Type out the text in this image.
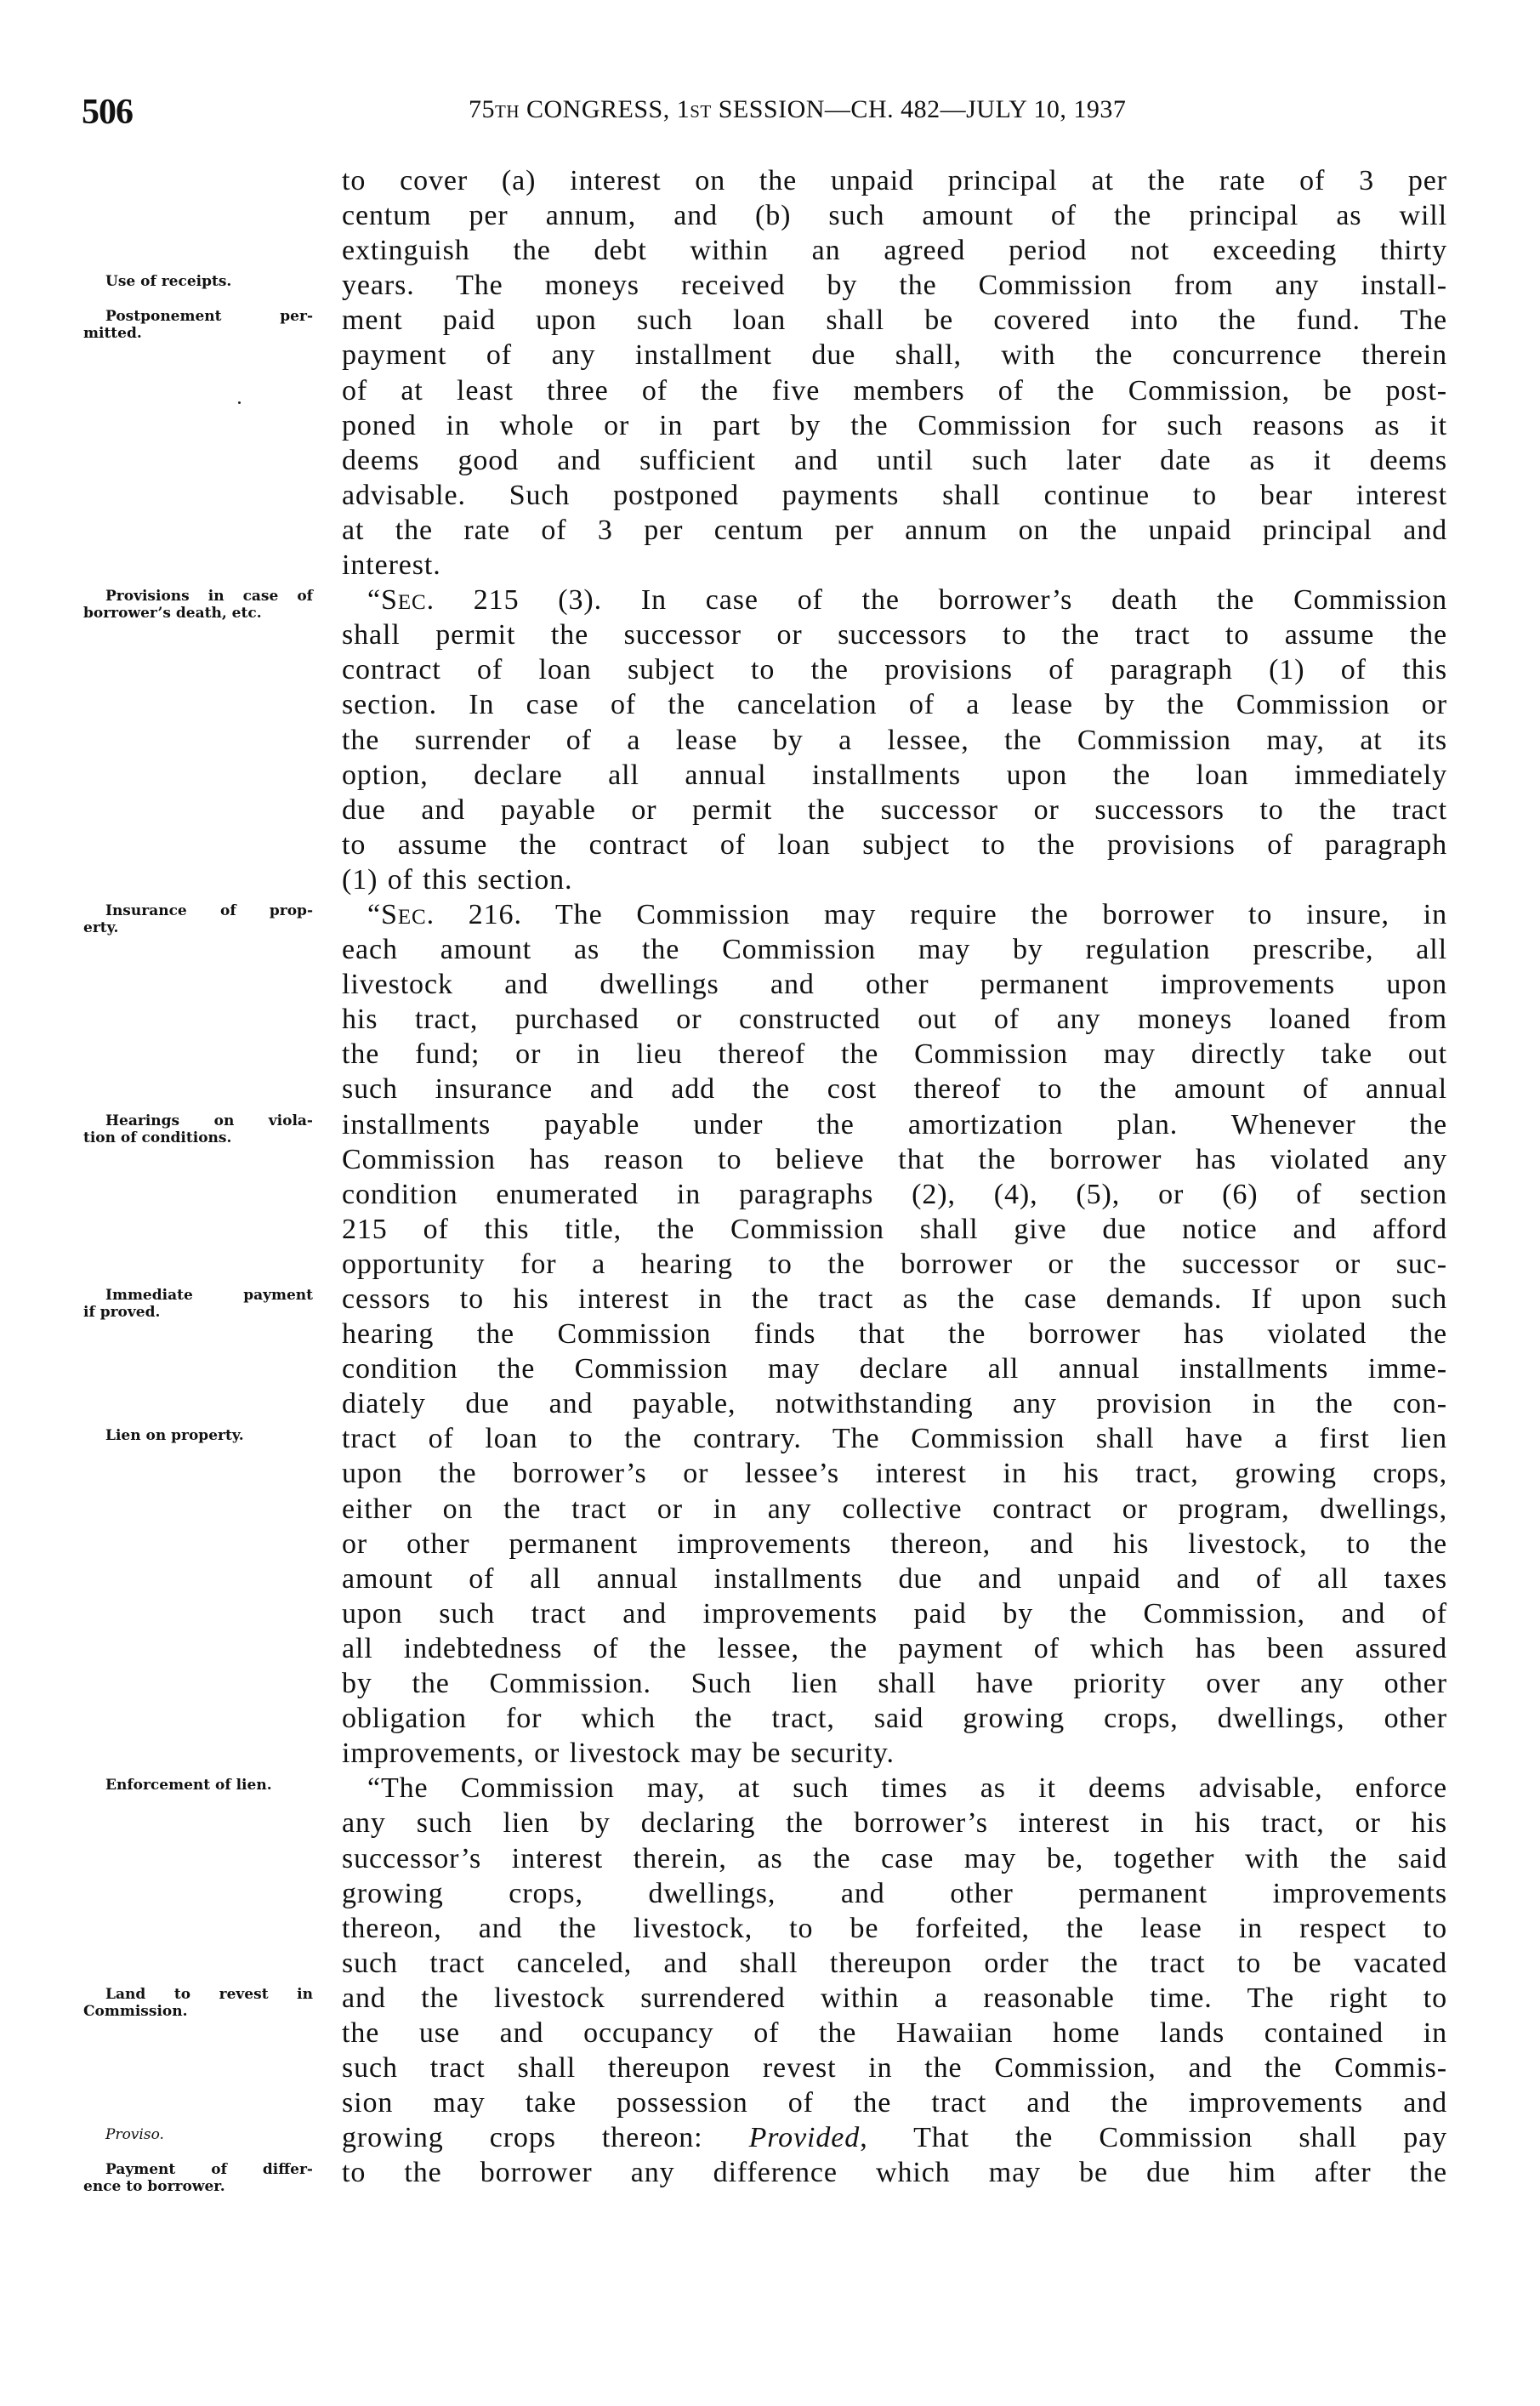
506	75TH CONGRESS, 1ST SESSION—CH. 482—JULY 10, 1937
to cover (a) interest on the unpaid principal at the rate of 3 per
centum per annum, and (b) such amount of the principal as will
extinguish the debt within an agreed period not exceeding thirty
years. The moneys received by the Commission from any install-
ment paid upon such loan shall be covered into the fund. The
payment of any installment due shall, with the concurrence therein
of at least three of the five members of the Commission, be post-
poned in whole or in part by the Commission for such reasons as it
deems good and sufficient and until such later date as it deems
advisable. Such postponed payments shall continue to bear interest
at the rate of 3 per centum per annum on the unpaid principal and
interest.
“SEC. 215 (3). In case of the borrower’s death the Commission
shall permit the successor or successors to the tract to assume the
contract of loan subject to the provisions of paragraph (1) of this
section. In case of the cancelation of a lease by the Commission or
the surrender of a lease by a lessee, the Commission may, at its
option, declare all annual installments upon the loan immediately
due and payable or permit the successor or successors to the tract
to assume the contract of loan subject to the provisions of paragraph
(1) of this section.
“SEC. 216. The Commission may require the borrower to insure, in
each amount as the Commission may by regulation prescribe, all
livestock and dwellings and other permanent improvements upon
his tract, purchased or constructed out of any moneys loaned from
the fund; or in lieu thereof the Commission may directly take out
such insurance and add the cost thereof to the amount of annual
installments payable under the amortization plan. Whenever the
Commission has reason to believe that the borrower has violated any
condition enumerated in paragraphs (2), (4), (5), or (6) of section
215 of this title, the Commission shall give due notice and afford
opportunity for a hearing to the borrower or the successor or suc-
cessors to his interest in the tract as the case demands. If upon such
hearing the Commission finds that the borrower has violated the
condition the Commission may declare all annual installments imme-
diately due and payable, notwithstanding any provision in the con-
tract of loan to the contrary. The Commission shall have a first lien
upon the borrower’s or lessee’s interest in his tract, growing crops,
either on the tract or in any collective contract or program, dwellings,
or other permanent improvements thereon, and his livestock, to the
amount of all annual installments due and unpaid and of all taxes
upon such tract and improvements paid by the Commission, and of
all indebtedness of the lessee, the payment of which has been assured
by the Commission. Such lien shall have priority over any other
obligation for which the tract, said growing crops, dwellings, other
improvements, or livestock may be security.
“The Commission may, at such times as it deems advisable, enforce
any such lien by declaring the borrower’s interest in his tract, or his
successor’s interest therein, as the case may be, together with the said
growing crops, dwellings, and other permanent improvements
thereon, and the livestock, to be forfeited, the lease in respect to
such tract canceled, and shall thereupon order the tract to be vacated
and the livestock surrendered within a reasonable time. The right to
the use and occupancy of the Hawaiian home lands contained in
such tract shall thereupon revest in the Commission, and the Commis-
sion may take possession of the tract and the improvements and
growing crops thereon: Provided, That the Commission shall pay
to the borrower any difference which may be due him after the
Use of receipts.
Postponement per-
mitted.
Provisions in case of
borrower’s death, etc.
Insurance of prop-
erty.
Hearings on viola-
tion of conditions.
Immediate payment
if proved.
Lien on property.
Enforcement of lien.
Land to revest in
Commission.
Proviso.
Payment of differ-
ence to borrower.
